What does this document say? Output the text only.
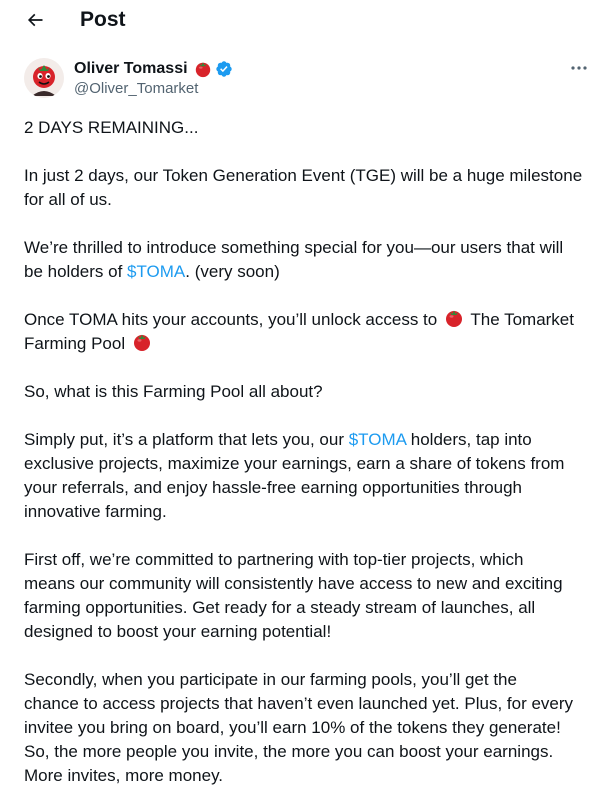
Post
Oliver Tomassi
@Oliver_Tomarket

2 DAYS REMAINING...

In just 2 days, our Token Generation Event (TGE) will be a huge milestone
for all of us.

We’re thrilled to introduce something special for you—our users that will
be holders of $TOMA. (very soon)

Once TOMA hits your accounts, you’ll unlock access to  The Tomarket
Farming Pool

So, what is this Farming Pool all about?

Simply put, it’s a platform that lets you, our $TOMA holders, tap into
exclusive projects, maximize your earnings, earn a share of tokens from
your referrals, and enjoy hassle-free earning opportunities through
innovative farming.

First off, we’re committed to partnering with top-tier projects, which
means our community will consistently have access to new and exciting
farming opportunities. Get ready for a steady stream of launches, all
designed to boost your earning potential!

Secondly, when you participate in our farming pools, you’ll get the
chance to access projects that haven’t even launched yet. Plus, for every
invitee you bring on board, you’ll earn 10% of the tokens they generate!
So, the more people you invite, the more you can boost your earnings.
More invites, more money.
